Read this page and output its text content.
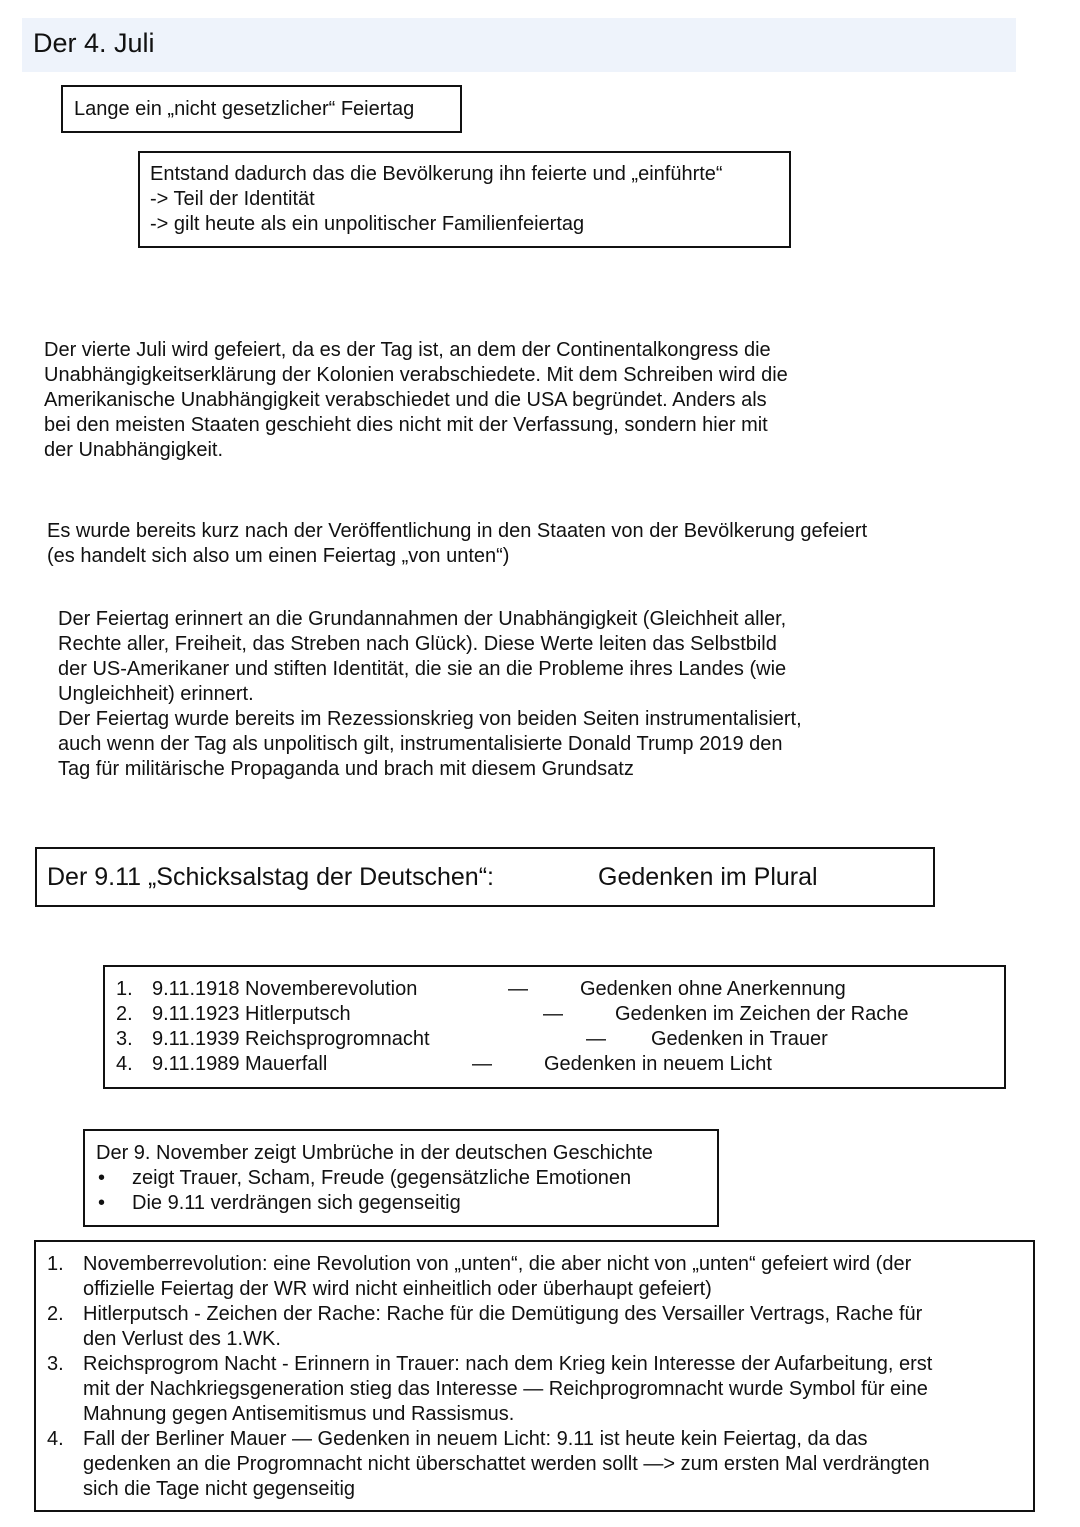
Der 4. Juli
Lange ein „nicht gesetzlicher“ Feiertag
Entstand dadurch das die Bevölkerung ihn feierte und „einführte“
-> Teil der Identität
-> gilt heute als ein unpolitischer Familienfeiertag
Der vierte Juli wird gefeiert, da es der Tag ist, an dem der Continentalkongress die
Unabhängigkeitserklärung der Kolonien verabschiedete. Mit dem Schreiben wird die
Amerikanische Unabhängigkeit verabschiedet und die USA begründet. Anders als
bei den meisten Staaten geschieht dies nicht mit der Verfassung, sondern hier mit
der Unabhängigkeit.
Es wurde bereits kurz nach der Veröffentlichung in den Staaten von der Bevölkerung gefeiert
(es handelt sich also um einen Feiertag „von unten“)
Der Feiertag erinnert an die Grundannahmen der Unabhängigkeit (Gleichheit aller,
Rechte aller, Freiheit, das Streben nach Glück). Diese Werte leiten das Selbstbild
der US-Amerikaner und stiften Identität, die sie an die Probleme ihres Landes (wie
Ungleichheit) erinnert.
Der Feiertag wurde bereits im Rezessionskrieg von beiden Seiten instrumentalisiert,
auch wenn der Tag als unpolitisch gilt, instrumentalisierte Donald Trump 2019 den
Tag für militärische Propaganda und brach mit diesem Grundsatz
Der 9.11 „Schicksalstag der Deutschen“:	Gedenken im Plural
1. 9.11.1918 Novemberevolution	—	Gedenken ohne Anerkennung
2. 9.11.1923 Hitlerputsch	—	Gedenken im Zeichen der Rache
3. 9.11.1939 Reichsprogromnacht	— Gedenken in Trauer
4. 9.11.1989 Mauerfall	—	Gedenken in neuem Licht
Der 9. November zeigt Umbrüche in der deutschen Geschichte
• zeigt Trauer, Scham, Freude (gegensätzliche Emotionen
• Die 9.11 verdrängen sich gegenseitig
1. Novemberrevolution: eine Revolution von „unten“, die aber nicht von „unten“ gefeiert wird (der
offizielle Feiertag der WR wird nicht einheitlich oder überhaupt gefeiert)
2. Hitlerputsch - Zeichen der Rache: Rache für die Demütigung des Versailler Vertrags, Rache für
den Verlust des 1.WK.
3. Reichsprogrom Nacht - Erinnern in Trauer: nach dem Krieg kein Interesse der Aufarbeitung, erst
mit der Nachkriegsgeneration stieg das Interesse — Reichprogromnacht wurde Symbol für eine
Mahnung gegen Antisemitismus und Rassismus.
4. Fall der Berliner Mauer — Gedenken in neuem Licht: 9.11 ist heute kein Feiertag, da das
gedenken an die Progromnacht nicht überschattet werden sollt —> zum ersten Mal verdrängten
sich die Tage nicht gegenseitig
